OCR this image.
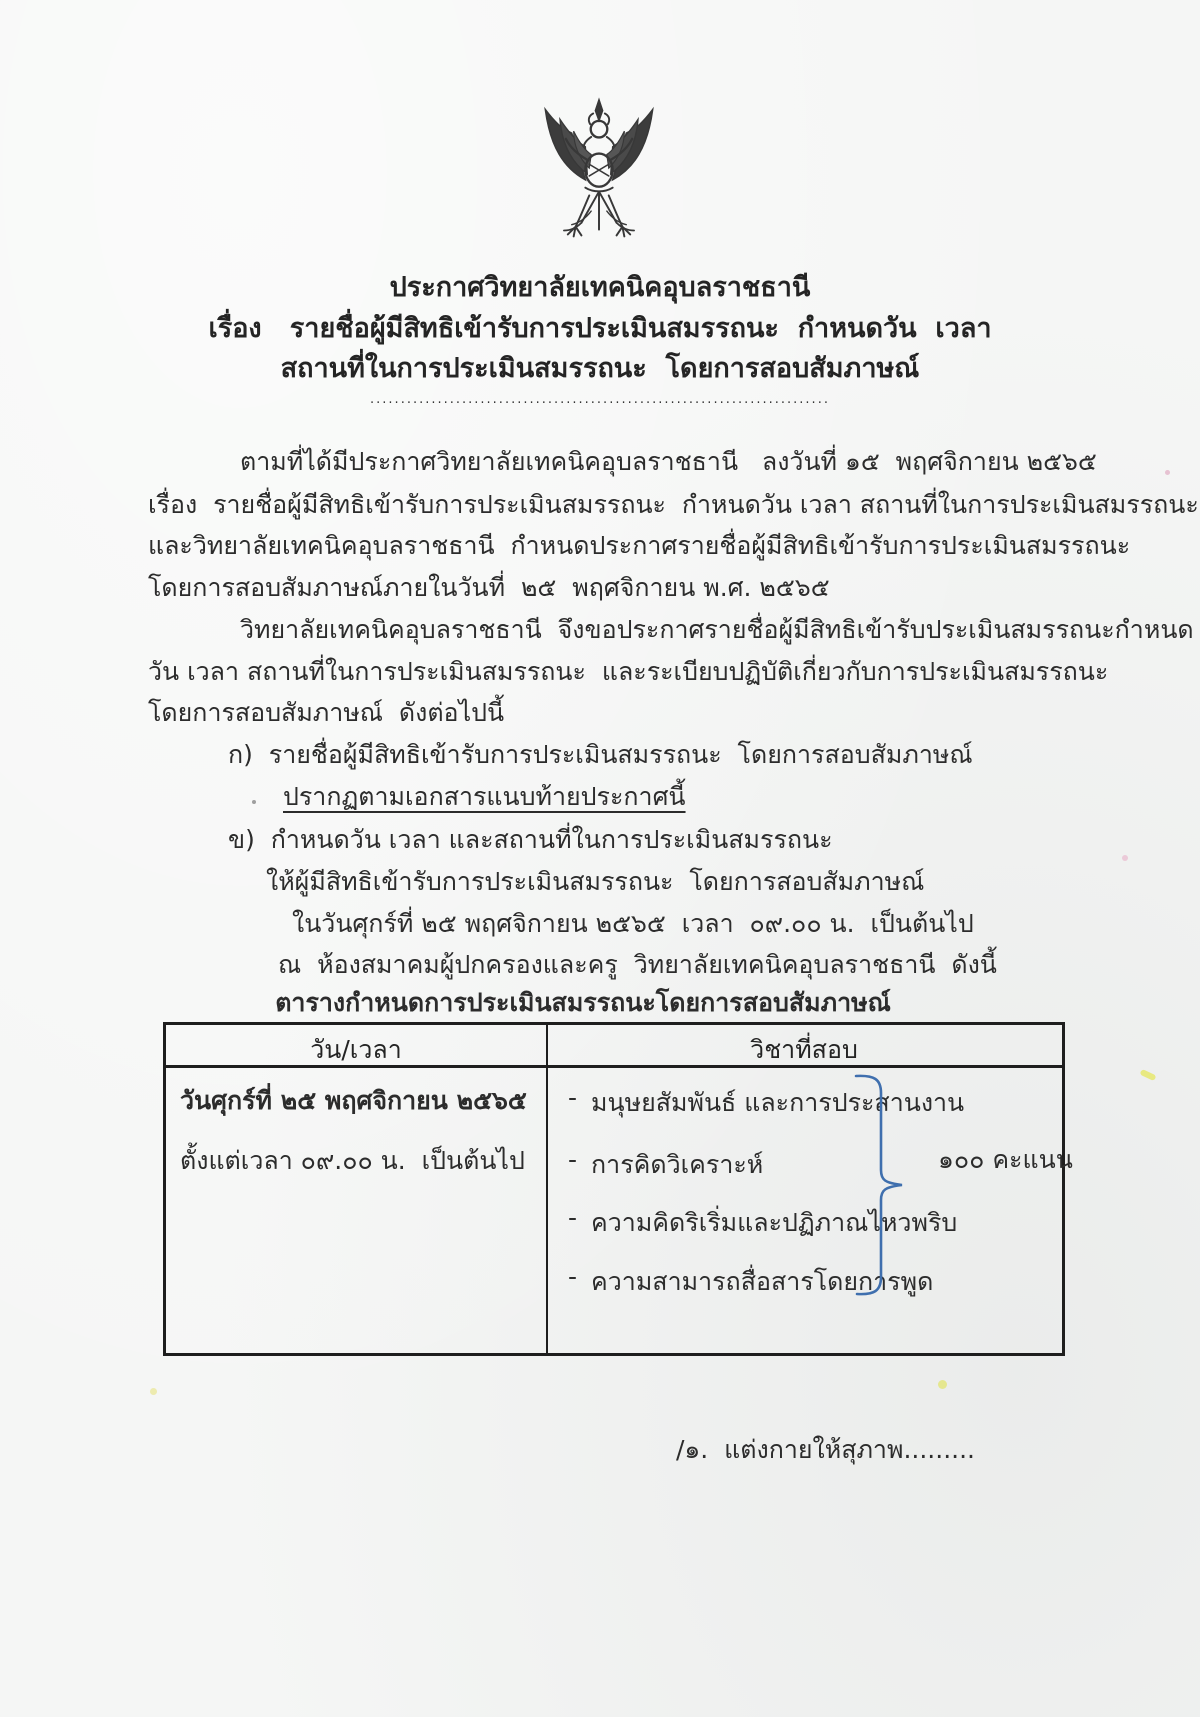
ประกาศวิทยาลัยเทคนิคอุบลราชธานี
เรื่อง   รายชื่อผู้มีสิทธิเข้ารับการประเมินสมรรถนะ  กำหนดวัน  เวลา
สถานที่ในการประเมินสมรรถนะ  โดยการสอบสัมภาษณ์
...........................................................................
ตามที่ได้มีประกาศวิทยาลัยเทคนิคอุบลราชธานี   ลงวันที่ ๑๕  พฤศจิกายน ๒๕๖๕
เรื่อง  รายชื่อผู้มีสิทธิเข้ารับการประเมินสมรรถนะ  กำหนดวัน เวลา สถานที่ในการประเมินสมรรถนะ
และวิทยาลัยเทคนิคอุบลราชธานี  กำหนดประกาศรายชื่อผู้มีสิทธิเข้ารับการประเมินสมรรถนะ
โดยการสอบสัมภาษณ์ภายในวันที่  ๒๕  พฤศจิกายน พ.ศ. ๒๕๖๕
วิทยาลัยเทคนิคอุบลราชธานี  จึงขอประกาศรายชื่อผู้มีสิทธิเข้ารับประเมินสมรรถนะกำหนด
วัน เวลา สถานที่ในการประเมินสมรรถนะ  และระเบียบปฏิบัติเกี่ยวกับการประเมินสมรรถนะ
โดยการสอบสัมภาษณ์  ดังต่อไปนี้
ก)  รายชื่อผู้มีสิทธิเข้ารับการประเมินสมรรถนะ  โดยการสอบสัมภาษณ์
ปรากฏตามเอกสารแนบท้ายประกาศนี้
ข)  กำหนดวัน เวลา และสถานที่ในการประเมินสมรรถนะ
ให้ผู้มีสิทธิเข้ารับการประเมินสมรรถนะ  โดยการสอบสัมภาษณ์
ในวันศุกร์ที่ ๒๕ พฤศจิกายน ๒๕๖๕  เวลา  ๐๙.๐๐ น.  เป็นต้นไป
ณ  ห้องสมาคมผู้ปกครองและครู  วิทยาลัยเทคนิคอุบลราชธานี  ดังนี้
ตารางกำหนดการประเมินสมรรถนะโดยการสอบสัมภาษณ์
วัน/เวลา	วิชาที่สอบ
วันศุกร์ที่ ๒๕ พฤศจิกายน ๒๕๖๕
ตั้งแต่เวลา ๐๙.๐๐ น.  เป็นต้นไป
- มนุษยสัมพันธ์ และการประสานงาน
- การคิดวิเคราะห์
- ความคิดริเริ่มและปฏิภาณไหวพริบ
- ความสามารถสื่อสารโดยการพูด
๑๐๐ คะแนน
/๑.  แต่งกายให้สุภาพ.........
